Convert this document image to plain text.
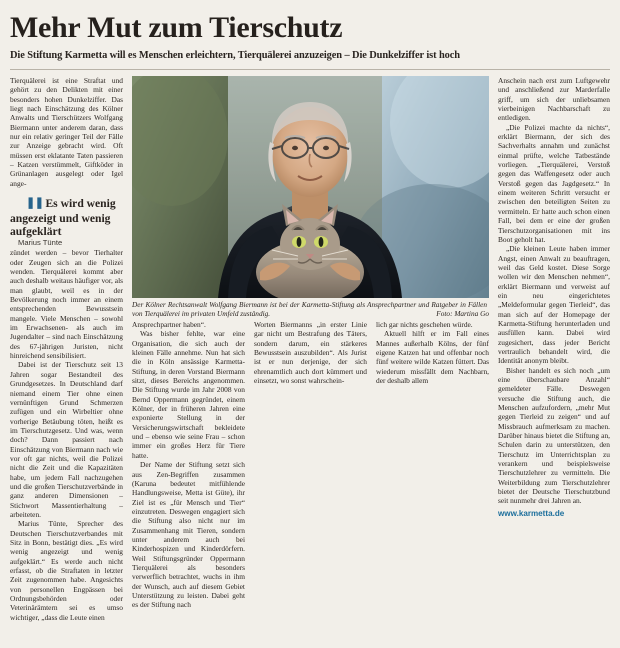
Mehr Mut zum Tierschutz
Die Stiftung Karmetta will es Menschen erleichtern, Tierquälerei anzuzeigen – Die Dunkelziffer ist hoch
Der Kölner Rechtsanwalt Wolfgang Biermann ist bei der Karmetta-Stiftung als Ansprechpartner und Ratgeber in Fällen von Tierquälerei im privaten Umfeld zuständig.	Foto: Martina Go

Tierquälerei ist eine Straftat und gehört zu den Delikten mit einer besonders hohen Dunkelziffer. Das liegt nach Einschätzung des Kölner Anwalts und Tierschützers Wolfgang Biermann unter anderem daran, dass nur ein relativ geringer Teil der Fälle zur Anzeige gebracht wird. Oft müssen erst eklatante Taten passieren – Katzen verstümmelt, Giftköder in Grünanlagen ausgelegt oder Igel ange-

❚❚ Es wird wenig angezeigt und wenig aufgeklärt

Marius Tünte

zündet werden – bevor Tierhalter oder Zeugen sich an die Polizei wenden. Tierquälerei kommt aber auch deshalb weitaus häufiger vor, als man glaubt, weil es in der Bevölkerung noch immer an einem entsprechenden Bewusstsein mangele. Viele Menschen – sowohl im Erwachsenen- als auch im Jugendalter – sind nach Einschätzung des 67-jährigen Juristen, nicht hinreichend sensibilisiert.

Dabei ist der Tierschutz seit 13 Jahren sogar Bestandteil des Grundgesetzes. In Deutschland darf niemand einem Tier ohne einen vernünftigen Grund Schmerzen zufügen und ein Wirbeltier ohne vorherige Betäubung töten, heißt es im Tierschutzgesetz. Und was, wenn doch? Dann passiert nach Einschätzung von Biermann nach wie vor oft gar nichts, weil die Polizei nicht die Zeit und die Kapazitäten habe, um jedem Fall nachzugehen und die großen Tierschutzverbände in ganz anderen Dimensionen – Stichwort Massentierhaltung – arbeiteten.

Marius Tünte, Sprecher des Deutschen Tierschutzverbandes mit Sitz in Bonn, bestätigt dies. „Es wird wenig angezeigt und wenig aufgeklärt.“ Es werde auch nicht erfasst, ob die Straftaten in letzter Zeit zugenommen habe. Angesichts von personellen Engpässen bei Ordnungsbehörden oder Veterinärämtern sei es umso wichtiger, „dass die Leute einen

Ansprechpartner haben“.

Was bisher fehlte, war eine Organisation, die sich auch der kleinen Fälle annehme. Nun hat sich die in Köln ansässige Karmetta-Stiftung, in deren Vorstand Biermann sitzt, dieses Bereichs angenommen. Die Stiftung wurde im Jahr 2008 von Bernd Oppermann gegründet, einem Kölner, der in früheren Jahren eine exponierte Stellung in der Versicherungswirtschaft bekleidete und – ebenso wie seine Frau – schon immer ein großes Herz für Tiere hatte.

Der Name der Stiftung setzt sich aus Zen-Begriffen zusammen (Karuna bedeutet mitfühlende Handlungsweise, Metta ist Güte), ihr Ziel ist es „für Mensch und Tier“ einzutreten. Deswegen engagiert sich die Stiftung also nicht nur im Zusammenhang mit Tieren, sondern unter anderem auch bei Kinderhospizen und Kinderdörfern. Weil Stiftungsgründer Oppermann Tierquälerei als besonders verwerflich betrachtet, wuchs in ihm der Wunsch, auch auf diesem Gebiet Unterstützung zu leisten. Dabei geht es der Stiftung nach

Worten Biermanns „in erster Linie gar nicht um Bestrafung des Täters, sondern darum, ein stärkeres Bewusstsein auszubilden“. Als Jurist ist er nun derjenige, der sich ehrenamtlich auch dort kümmert und einsetzt, wo sonst wahrschein-

lich gar nichts geschehen würde.

Aktuell hilft er im Fall eines Mannes außerhalb Kölns, der fünf eigene Katzen hat und offenbar noch fünf weitere wilde Katzen füttert. Das wiederum missfällt dem Nachbarn, der deshalb allem

Anschein nach erst zum Luftgewehr und anschließend zur Marderfalle griff, um sich der unliebsamen vierbeinigen Nachbarschaft zu entledigen.

„Die Polizei machte da nichts“, erklärt Biermann, der sich des Sachverhalts annahm und zunächst einmal prüfte, welche Tatbestände vorliegen. „Tierquälerei, Verstoß gegen das Waffengesetz oder auch Verstoß gegen das Jagdgesetz.“ In einem weiteren Schritt versucht er zwischen den beteiligten Seiten zu vermitteln. Er hatte auch schon einen Fall, bei dem er eine der großen Tierschutzorganisationen mit ins Boot geholt hat.

„Die kleinen Leute haben immer Angst, einen Anwalt zu beauftragen, weil das Geld kostet. Diese Sorge wollen wir den Menschen nehmen“, erklärt Biermann und verweist auf ein neu eingerichtetes „Meldeformular gegen Tierleid“, das man sich auf der Homepage der Karmetta-Stiftung herunterladen und ausfüllen kann. Dabei wird zugesichert, dass jeder Bericht vertraulich behandelt wird, die Identität anonym bleibt.

Bisher handelt es sich noch „um eine überschaubare Anzahl“ gemeldeter Fälle. Deswegen versuche die Stiftung auch, die Menschen aufzufordern, „mehr Mut gegen Tierleid zu zeigen“ und auf Missbrauch aufmerksam zu machen. Darüber hinaus bietet die Stiftung an, Schulen darin zu unterstützen, den Tierschutz im Unterrichtsplan zu verankern und beispielsweise Tierschutzlehrer zu vermitteln. Die Weiterbildung zum Tierschutzlehrer bietet der Deutsche Tierschutzbund seit nunmehr drei Jahren an.

www.karmetta.de
